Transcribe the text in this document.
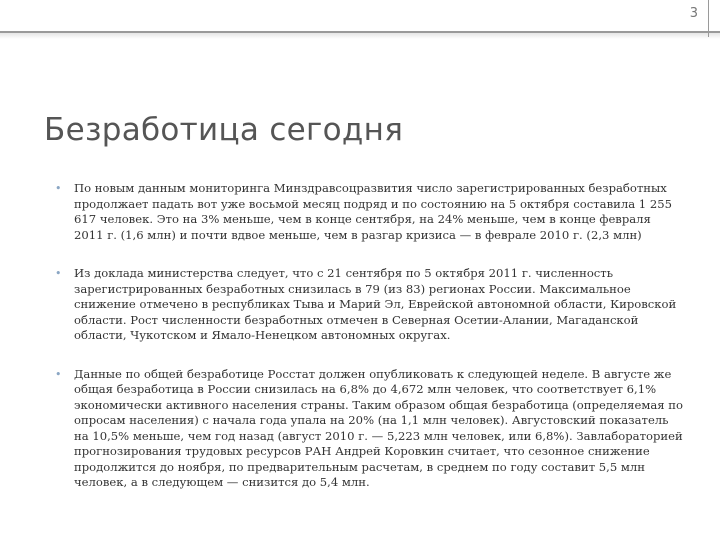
3
Безработица сегодня
• По новым данным мониторинга Минздравсоцразвития число зарегистрированных безработных продолжает падать вот уже восьмой месяц подряд и по состоянию на 5 октября составила 1 255 617 человек. Это на 3% меньше, чем в конце сентября, на 24% меньше, чем в конце февраля 2011 г. (1,6 млн) и почти вдвое меньше, чем в разгар кризиса — в феврале 2010 г. (2,3 млн)
• Из доклада министерства следует, что с 21 сентября по 5 октября 2011 г. численность зарегистрированных безработных снизилась в 79 (из 83) регионах России. Максимальное снижение отмечено в республиках Тыва и Марий Эл, Еврейской автономной области, Кировской области. Рост численности безработных отмечен в Северная Осетии-Алании, Магаданской области, Чукотском и Ямало-Ненецком автономных округах.
• Данные по общей безработице Росстат должен опубликовать к следующей неделе. В августе же общая безработица в России снизилась на 6,8% до 4,672 млн человек, что соответствует 6,1% экономически активного населения страны. Таким образом общая безработица (определяемая по опросам населения) с начала года упала на 20% (на 1,1 млн человек). Августовский показатель на 10,5% меньше, чем год назад (август 2010 г. — 5,223 млн человек, или 6,8%). Завлабораторией прогнозирования трудовых ресурсов РАН Андрей Коровкин считает, что сезонное снижение продолжится до ноября, по предварительным расчетам, в среднем по году составит 5,5 млн человек, а в следующем — снизится до 5,4 млн.
